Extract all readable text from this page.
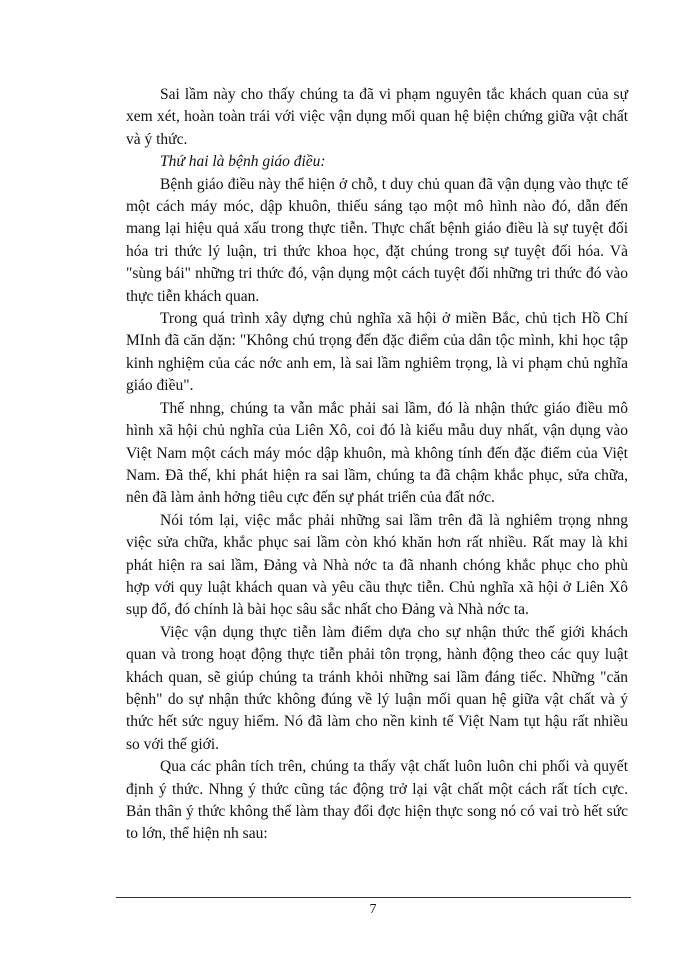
Sai lầm này cho thấy chúng ta đã vi phạm nguyên tắc khách quan của sự xem xét, hoàn toàn trái với việc vận dụng mối quan hệ biện chứng giữa vật chất và ý thức.

Thứ hai là bệnh giáo điều:

Bệnh giáo điều này thể hiện ở chỗ, t duy chủ quan đã vận dụng vào thực tế một cách máy móc, dập khuôn, thiếu sáng tạo một mô hình nào đó, dẫn đến mang lại hiệu quả xấu trong thực tiễn. Thực chất bệnh giáo điều là sự tuyệt đối hóa tri thức lý luận, tri thức khoa học, đặt chúng trong sự tuyệt đối hóa. Và "sùng bái" những tri thức đó, vận dụng một cách tuyệt đối những tri thức đó vào thực tiễn khách quan.

Trong quá trình xây dựng chủ nghĩa xã hội ở miền Bắc, chủ tịch Hồ Chí MInh đã căn dặn: "Không chú trọng đến đặc điểm của dân tộc mình, khi học tập kinh nghiệm của các nớc anh em, là sai lầm nghiêm trọng, là vi phạm chủ nghĩa giáo điều".

Thế nhng, chúng ta vẫn mắc phải sai lầm, đó là nhận thức giáo điều mô hình xã hội chủ nghĩa của Liên Xô, coi đó là kiểu mẫu duy nhất, vận dụng vào Việt Nam một cách máy móc dập khuôn, mà không tính đến đặc điểm của Việt Nam. Đã thế, khi phát hiện ra sai lầm, chúng ta đã chậm khắc phục, sửa chữa, nên đã làm ảnh hởng tiêu cực đến sự phát triển của đất nớc.

Nói tóm lại, việc mắc phải những sai lầm trên đã là nghiêm trọng nhng việc sửa chữa, khắc phục sai lầm còn khó khăn hơn rất nhiều. Rất may là khi phát hiện ra sai lầm, Đảng và Nhà nớc ta đã nhanh chóng khắc phục cho phù hợp với quy luật khách quan và yêu cầu thực tiễn. Chủ nghĩa xã hội ở Liên Xô sụp đổ, đó chính là bài học sâu sắc nhất cho Đảng và Nhà nớc ta.

Việc vận dụng thực tiễn làm điểm dựa cho sự nhận thức thế giới khách quan và trong hoạt động thực tiễn phải tôn trọng, hành động theo các quy luật khách quan, sẽ giúp chúng ta tránh khỏi những sai lầm đáng tiếc. Những "căn bệnh" do sự nhận thức không đúng về lý luận mối quan hệ giữa vật chất và ý thức hết sức nguy hiểm. Nó đã làm cho nền kinh tế Việt Nam tụt hậu rất nhiều so với thế giới.

Qua các phân tích trên, chúng ta thấy vật chất luôn luôn chi phối và quyết định ý thức. Nhng ý thức cũng tác động trở lại vật chất một cách rất tích cực. Bản thân ý thức không thể làm thay đổi đợc hiện thực song nó có vai trò hết sức to lớn, thể hiện nh sau:

7
